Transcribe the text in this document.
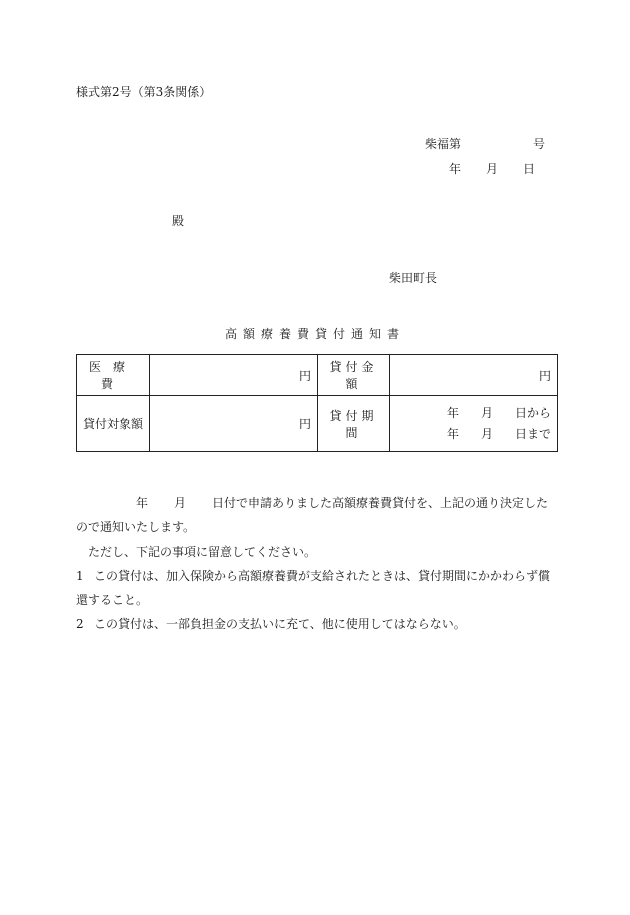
様式第2号（第3条関係）
柴福第	号
年 月 日
殿
柴田町長
高額療養費貸付通知書
医療費	円	貸付金額	円
貸付対象額	円	貸付期間	年 月 日から
年 月 日まで
年 月 日付で申請ありました高額療養費貸付を、上記の通り決定したので通知いたします。
　ただし、下記の事項に留意してください。
1 この貸付は、加入保険から高額療養費が支給されたときは、貸付期間にかかわらず償還すること。
2 この貸付は、一部負担金の支払いに充て、他に使用してはならない。
